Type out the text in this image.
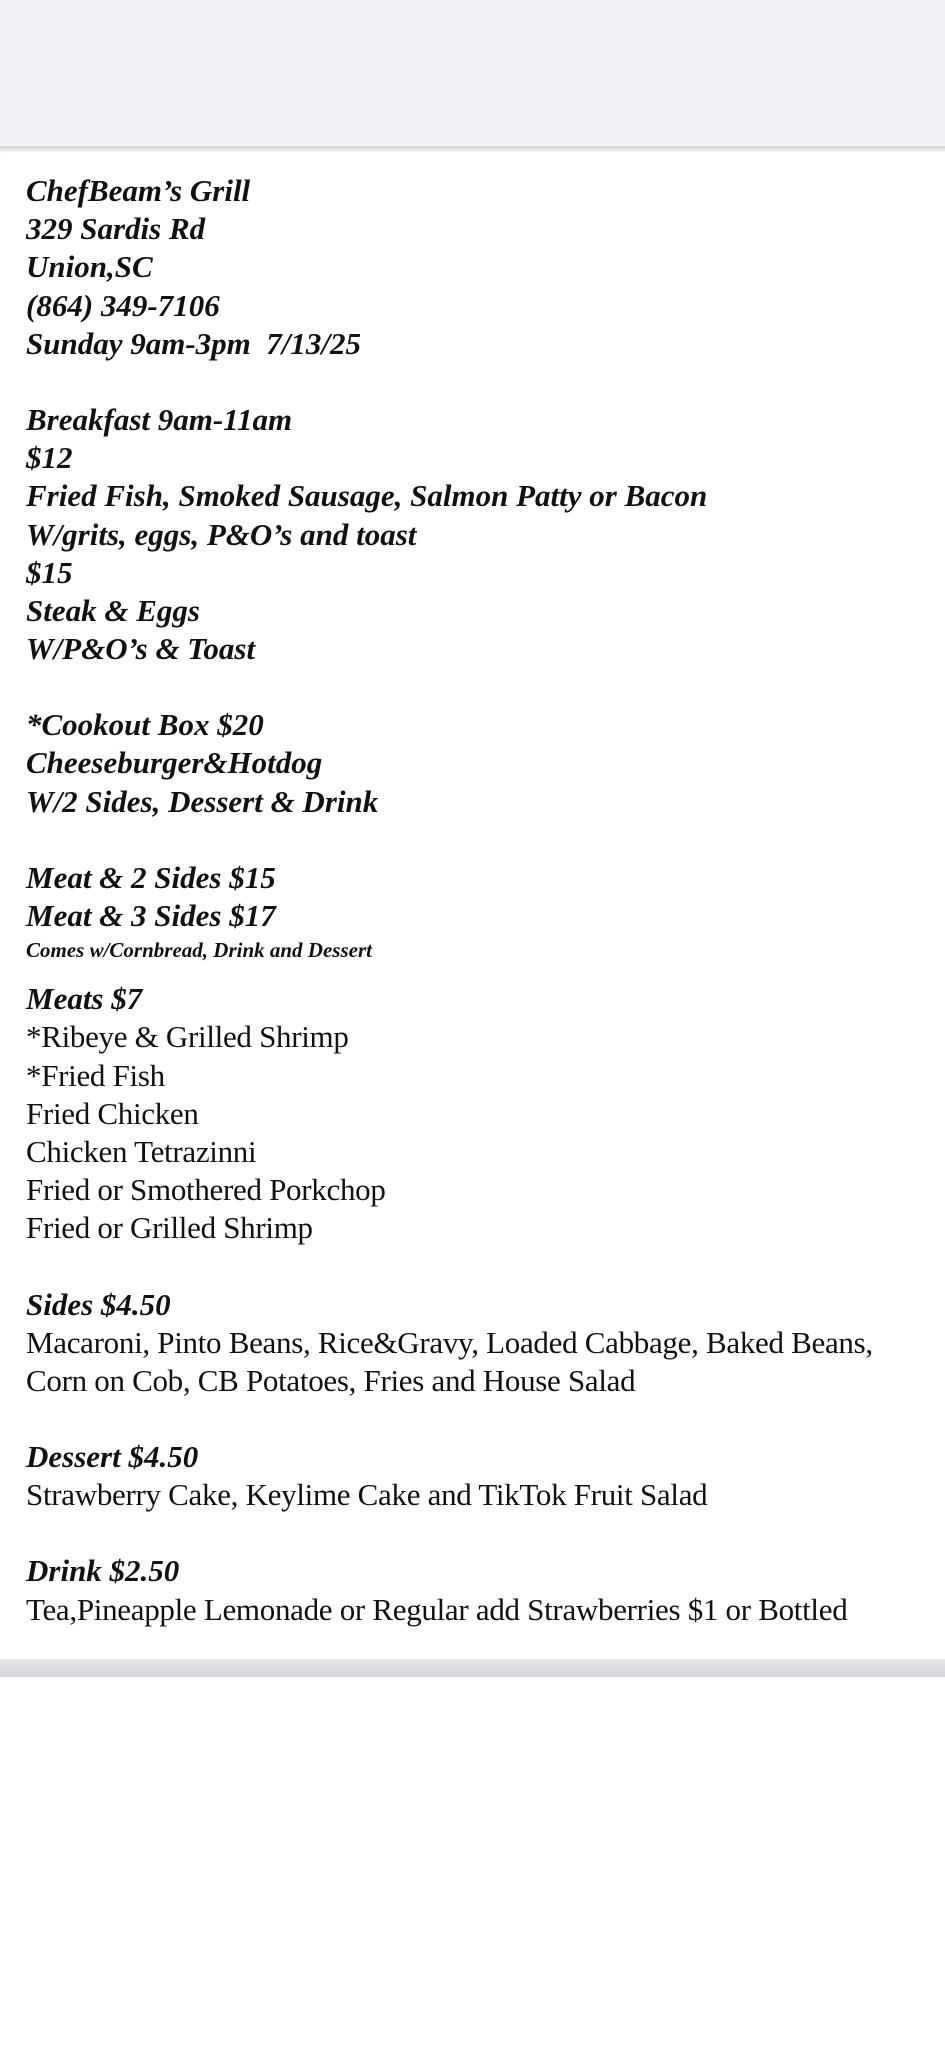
ChefBeam’s Grill
329 Sardis Rd
Union,SC
(864) 349-7106
Sunday 9am-3pm  7/13/25
Breakfast 9am-11am
$12
Fried Fish, Smoked Sausage, Salmon Patty or Bacon
W/grits, eggs, P&O’s and toast
$15
Steak & Eggs
W/P&O’s & Toast
*Cookout Box $20
Cheeseburger&Hotdog
W/2 Sides, Dessert & Drink
Meat & 2 Sides $15
Meat & 3 Sides $17
Comes w/Cornbread, Drink and Dessert
Meats $7
*Ribeye & Grilled Shrimp
*Fried Fish
Fried Chicken
Chicken Tetrazinni
Fried or Smothered Porkchop
Fried or Grilled Shrimp
Sides $4.50
Macaroni, Pinto Beans, Rice&Gravy, Loaded Cabbage, Baked Beans,
Corn on Cob, CB Potatoes, Fries and House Salad
Dessert $4.50
Strawberry Cake, Keylime Cake and TikTok Fruit Salad
Drink $2.50
Tea,Pineapple Lemonade or Regular add Strawberries $1 or Bottled
